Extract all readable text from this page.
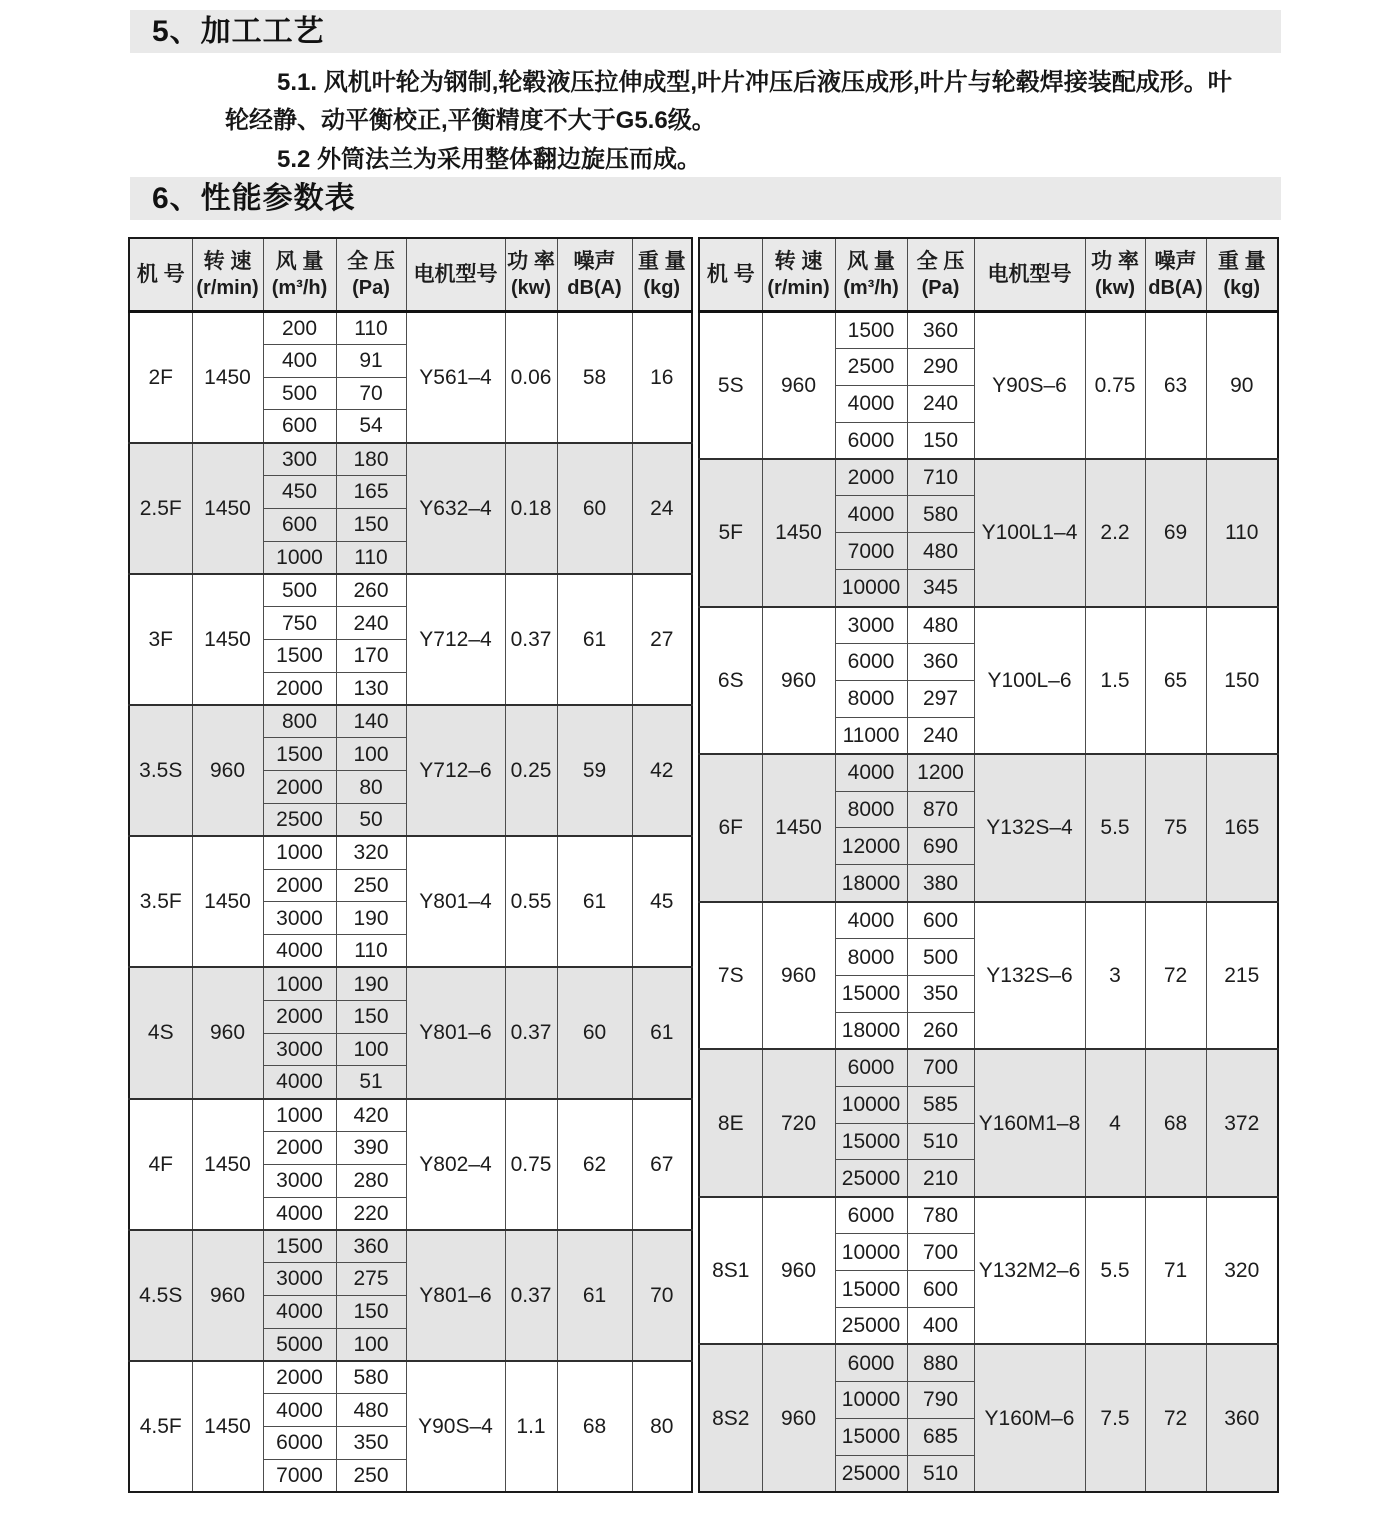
5、加工工艺

5.1. 风机叶轮为钢制,轮毂液压拉伸成型,叶片冲压后液压成形,叶片与轮毂焊接装配成形。叶
轮经静、动平衡校正,平衡精度不大于G5.6级。

5.2 外筒法兰为采用整体翻边旋压而成。

6、性能参数表
机 号

转 速
(r/min)

风 量
(m³/h)

全 压
(Pa)

电机型号

功 率
(kw)

噪声
dB(A)

重 量
(kg)

2F	1450	200	110	Y561–4	0.06	58	16
		400	91				
		500	70				
		600	54				
2.5F	1450	300	180	Y632–4	0.18	60	24
		450	165				
		600	150				
		1000	110				
3F	1450	500	260	Y712–4	0.37	61	27
		750	240				
		1500	170				
		2000	130				
3.5S	960	800	140	Y712–6	0.25	59	42
		1500	100				
		2000	80				
		2500	50				
3.5F	1450	1000	320	Y801–4	0.55	61	45
		2000	250				
		3000	190				
		4000	110				
4S	960	1000	190	Y801–6	0.37	60	61
		2000	150				
		3000	100				
		4000	51				
4F	1450	1000	420	Y802–4	0.75	62	67
		2000	390				
		3000	280				
		4000	220				
4.5S	960	1500	360	Y801–6	0.37	61	70
		3000	275				
		4000	150				
		5000	100				
4.5F	1450	2000	580	Y90S–4	1.1	68	80
		4000	480				
		6000	350				
		7000	250				
机 号

转 速
(r/min)

风 量
(m³/h)

全 压
(Pa)

电机型号

功 率
(kw)

噪声
dB(A)

重 量
(kg)

5S	960	1500	360	Y90S–6	0.75	63	90
		2500	290				
		4000	240				
		6000	150				
5F	1450	2000	710	Y100L1–4	2.2	69	110
		4000	580				
		7000	480				
		10000	345				
6S	960	3000	480	Y100L–6	1.5	65	150
		6000	360				
		8000	297				
		11000	240				
6F	1450	4000	1200	Y132S–4	5.5	75	165
		8000	870				
		12000	690				
		18000	380				
7S	960	4000	600	Y132S–6	3	72	215
		8000	500				
		15000	350				
		18000	260				
8E	720	6000	700	Y160M1–8	4	68	372
		10000	585				
		15000	510				
		25000	210				
8S1	960	6000	780	Y132M2–6	5.5	71	320
		10000	700				
		15000	600				
		25000	400				
8S2	960	6000	880	Y160M–6	7.5	72	360
		10000	790				
		15000	685				
		25000	510				
